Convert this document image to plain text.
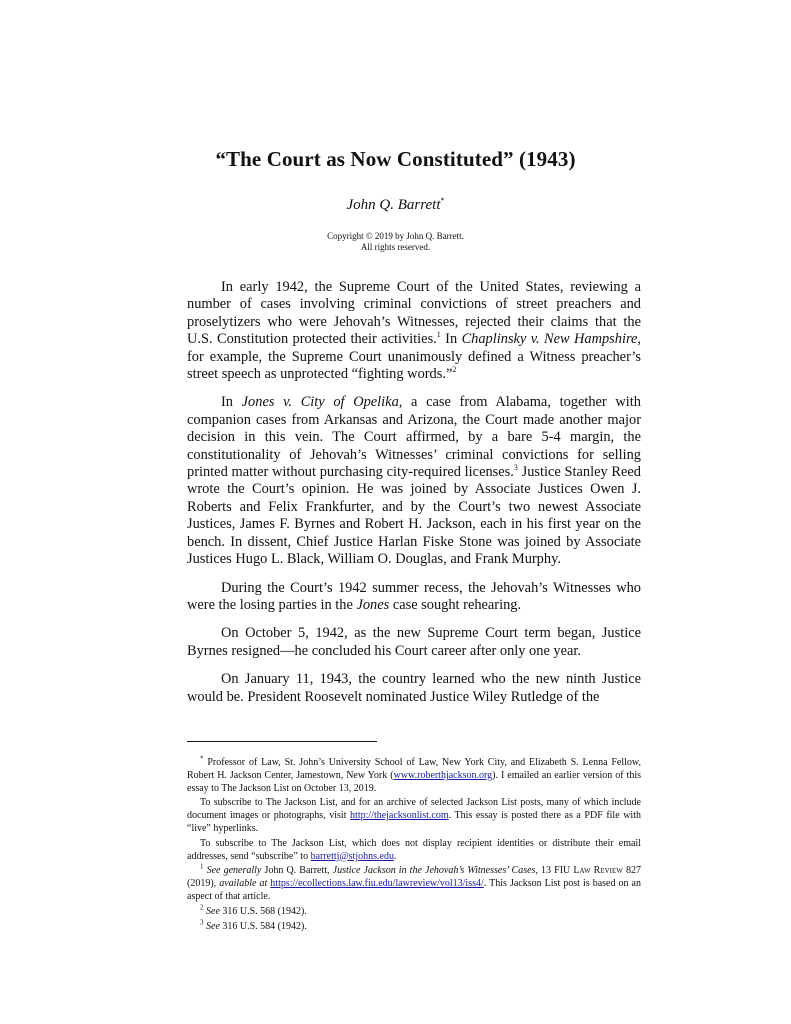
“The Court as Now Constituted” (1943)
John Q. Barrett*
Copyright © 2019 by John Q. Barrett.
All rights reserved.

In early 1942, the Supreme Court of the United States, reviewing a number of cases involving criminal convictions of street preachers and proselytizers who were Jehovah’s Witnesses, rejected their claims that the U.S. Constitution protected their activities.$^1$ In Chaplinsky v. New Hampshire, for example, the Supreme Court unanimously defined a Witness preacher’s street speech as unprotected “fighting words.”$^2$

In Jones v. City of Opelika, a case from Alabama, together with companion cases from Arkansas and Arizona, the Court made another major decision in this vein. The Court affirmed, by a bare 5-4 margin, the constitutionality of Jehovah’s Witnesses’ criminal convictions for selling printed matter without purchasing city-required licenses.$^3$ Justice Stanley Reed wrote the Court’s opinion. He was joined by Associate Justices Owen J. Roberts and Felix Frankfurter, and by the Court’s two newest Associate Justices, James F. Byrnes and Robert H. Jackson, each in his first year on the bench. In dissent, Chief Justice Harlan Fiske Stone was joined by Associate Justices Hugo L. Black, William O. Douglas, and Frank Murphy.

During the Court’s 1942 summer recess, the Jehovah’s Witnesses who were the losing parties in the Jones case sought rehearing.

On October 5, 1942, as the new Supreme Court term began, Justice Byrnes resigned—he concluded his Court career after only one year.

On January 11, 1943, the country learned who the new ninth Justice would be. President Roosevelt nominated Justice Wiley Rutledge of the

* Professor of Law, St. John’s University School of Law, New York City, and Elizabeth S. Lenna Fellow, Robert H. Jackson Center, Jamestown, New York (www.roberthjackson.org). I emailed an earlier version of this essay to The Jackson List on October 13, 2019.

To subscribe to The Jackson List, and for an archive of selected Jackson List posts, many of which include document images or photographs, visit http://thejacksonlist.com. This essay is posted there as a PDF file with “live” hyperlinks.

To subscribe to The Jackson List, which does not display recipient identities or distribute their email addresses, send “subscribe” to barrettj@stjohns.edu.

$^1$ See generally John Q. Barrett, Justice Jackson in the Jehovah’s Witnesses’ Cases, 13 FIU Law Review 827 (2019), available at https://ecollections.law.fiu.edu/lawreview/vol13/iss4/. This Jackson List post is based on an aspect of that article.

$^2$ See 316 U.S. 568 (1942).

$^3$ See 316 U.S. 584 (1942).
